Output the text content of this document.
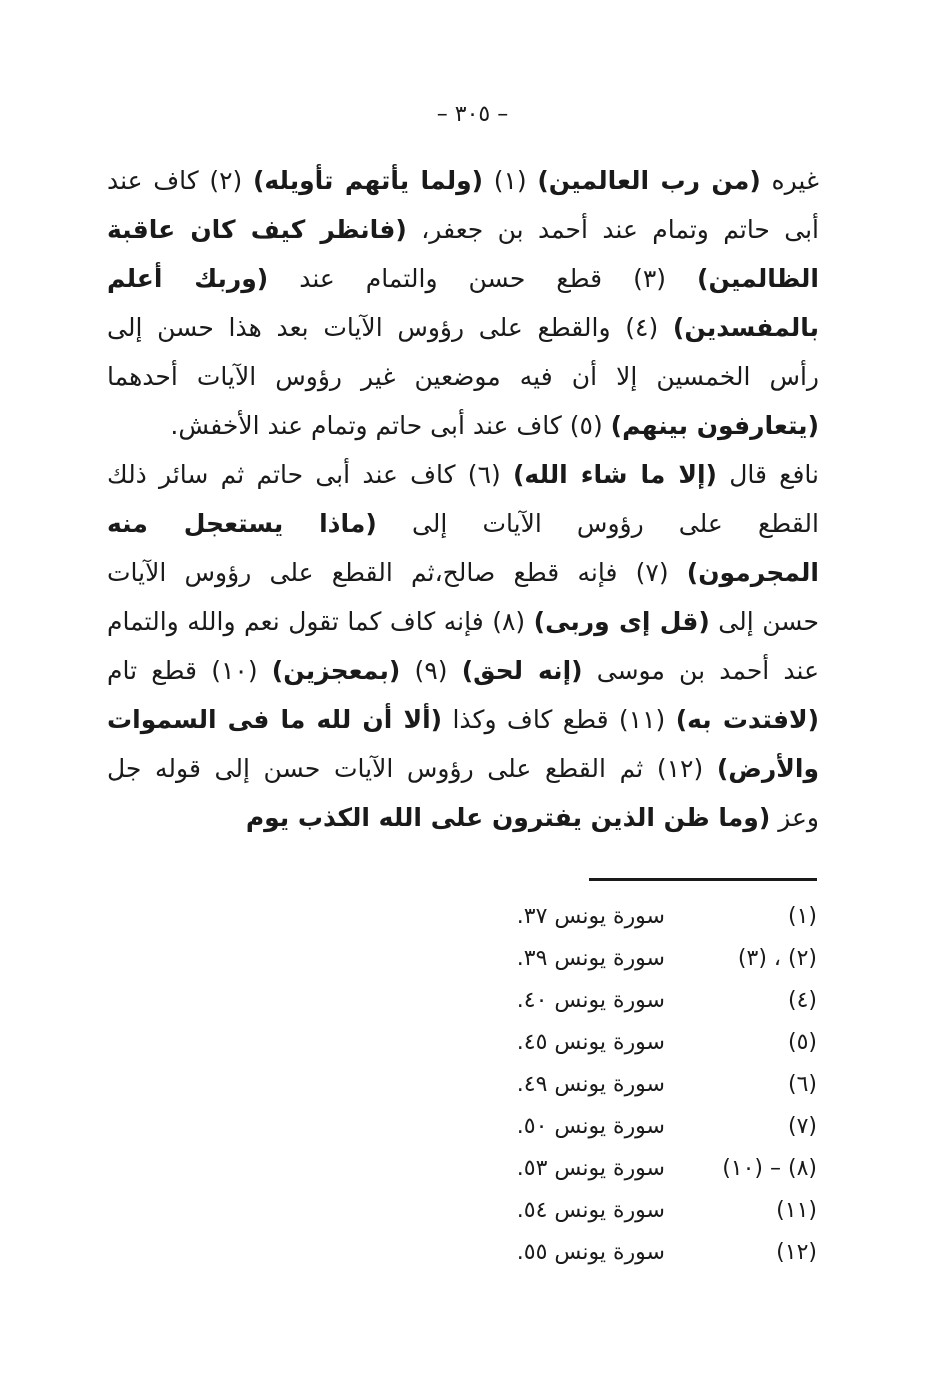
– ٣٠٥ –
غيره (من رب العالمين) (١) (ولما يأتهم تأويله) (٢) كاف عند
أبى حاتم وتمام عند أحمد بن جعفر، (فانظر كيف كان عاقبة
الظالمين) (٣) قطع حسن والتمام عند (وربك أعلم
بالمفسدين) (٤) والقطع على رؤوس الآيات بعد هذا حسن إلى
رأس الخمسين إلا أن فيه موضعين غير رؤوس الآيات أحدهما
(يتعارفون بينهم) (٥) كاف عند أبى حاتم وتمام عند الأخفش.
نافع قال (إلا ما شاء الله) (٦) كاف عند أبى حاتم ثم سائر ذلك
القطع على رؤوس الآيات إلى (ماذا يستعجل منه
المجرمون) (٧) فإنه قطع صالح،ثم القطع على رؤوس الآيات
حسن إلى (قل إى وربى) (٨) فإنه كاف كما تقول نعم والله والتمام
عند أحمد بن موسى (إنه لحق) (٩) (بمعجزين) (١٠) قطع تام
(لافتدت به) (١١) قطع كاف وكذا (ألا أن لله ما فى السموات
والأرض) (١٢) ثم القطع على رؤوس الآيات حسن إلى قوله جل
وعز (وما ظن الذين يفترون على الله الكذب يوم
(١)
سورة يونس ٣٧.
(٢) ، (٣)
سورة يونس ٣٩.
(٤)
سورة يونس ٤٠.
(٥)
سورة يونس ٤٥.
(٦)
سورة يونس ٤٩.
(٧)
سورة يونس ٥٠.
(٨) – (١٠)
سورة يونس ٥٣.
(١١)
سورة يونس ٥٤.
(١٢)
سورة يونس ٥٥.
